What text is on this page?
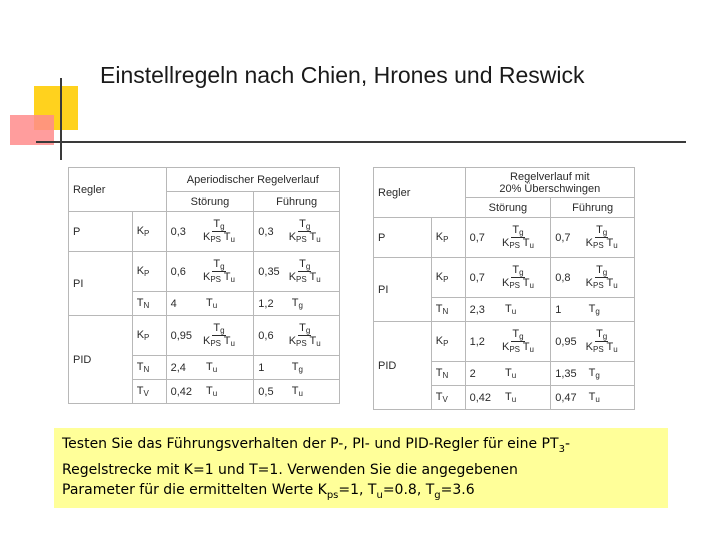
Einstellregeln nach Chien, Hrones und Reswick
Regler		Aperiodischer Regelverlauf			
		Störung		Führung	
P	$K_P$	0,3	$\frac{T_g}{K_{PS} T_u}$	0,3	$\frac{T_g}{K_{PS} T_u}$

PI	$K_P$	0,6	$\frac{T_g}{K_{PS} T_u}$	0,35	$\frac{T_g}{K_{PS} T_u}$

	$T_N$	4	$T_u$	1,2	$T_g$
PID	$K_P$	0,95	$\frac{T_g}{K_{PS} T_u}$	0,6	$\frac{T_g}{K_{PS} T_u}$

	$T_N$	2,4	$T_u$	1	$T_g$
	$T_V$	0,42	$T_u$	0,5	$T_u$
Regler		Regelverlauf mit
20% Überschwingen			

		Störung		Führung	
P	$K_P$	0,7	$\frac{T_g}{K_{PS} T_u}$	0,7	$\frac{T_g}{K_{PS} T_u}$

PI	$K_P$	0,7	$\frac{T_g}{K_{PS} T_u}$	0,8	$\frac{T_g}{K_{PS} T_u}$

	$T_N$	2,3	$T_u$	1	$T_g$
PID	$K_P$	1,2	$\frac{T_g}{K_{PS} T_u}$	0,95	$\frac{T_g}{K_{PS} T_u}$

	$T_N$	2	$T_u$	1,35	$T_g$
	$T_V$	0,42	$T_u$	0,47	$T_u$
Testen Sie das Führungsverhalten der P-, PI- und PID-Regler für eine $PT_3-$
Regelstrecke mit K=1 und T=1. Verwenden Sie die angegebenen
Parameter für die ermittelten Werte $K_{ps}=1$, $T_u=0.8$, $T_g=3.6$
